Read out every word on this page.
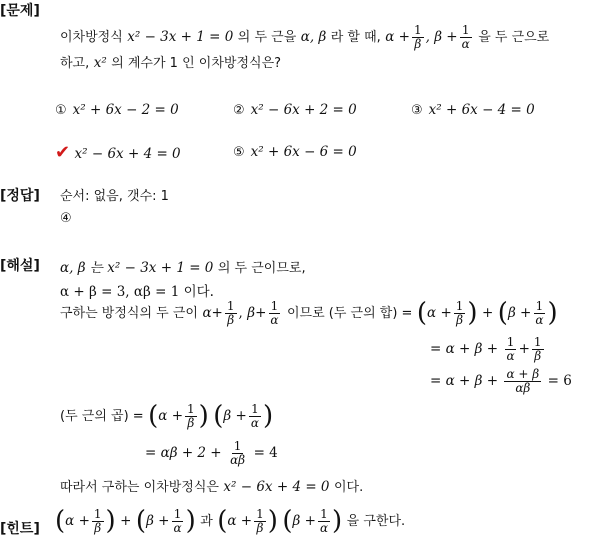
[문제]
이차방정식 x² − 3x + 1 = 0 의 두 근을 α, β 라 할 때, $\alpha + \frac{1}{\beta}$ , $\beta + \frac{1}{\alpha}$ 을 두 근으로
하고, x² 의 계수가 1 인 이차방정식은?
① x² + 6x − 2 = 0	② x² − 6x + 2 = 0	③ x² + 6x − 4 = 0
✔ x² − 6x + 4 = 0	⑤ x² + 6x − 6 = 0
[정답] 순서: 없음, 갯수: 1
④
[해설] α, β 는 x² − 3x + 1 = 0 의 두 근이므로,
α + β = 3, αβ = 1 이다.
구하는 방정식의 두 근이 $\alpha+ \frac{1}{\beta}$ , $\beta+ \frac{1}{\alpha}$ 이므로 (두 근의 합) = ($\alpha + \frac{1}{\beta}$ ) + ($\beta + \frac{1}{\alpha}$ )
= $\alpha + \beta + \frac{1}{\alpha} + \frac{1}{\beta}$
= $\alpha + \beta + \frac{\alpha + \beta}{\alpha\beta} = 6$
(두 근의 곱) = ($\alpha + \frac{1}{\beta}$ ) ($\beta + \frac{1}{\alpha}$ )
= $\alpha\beta + 2 + \frac{1}{\alpha\beta} = 4$
따라서 구하는 이차방정식은 x² − 6x + 4 = 0 이다.
[힌트] ($\alpha + \frac{1}{\beta}$ ) + ($\beta + \frac{1}{\alpha}$ ) 과 ($\alpha + \frac{1}{\beta}$ ) ($\beta + \frac{1}{\alpha}$ ) 을 구한다.
